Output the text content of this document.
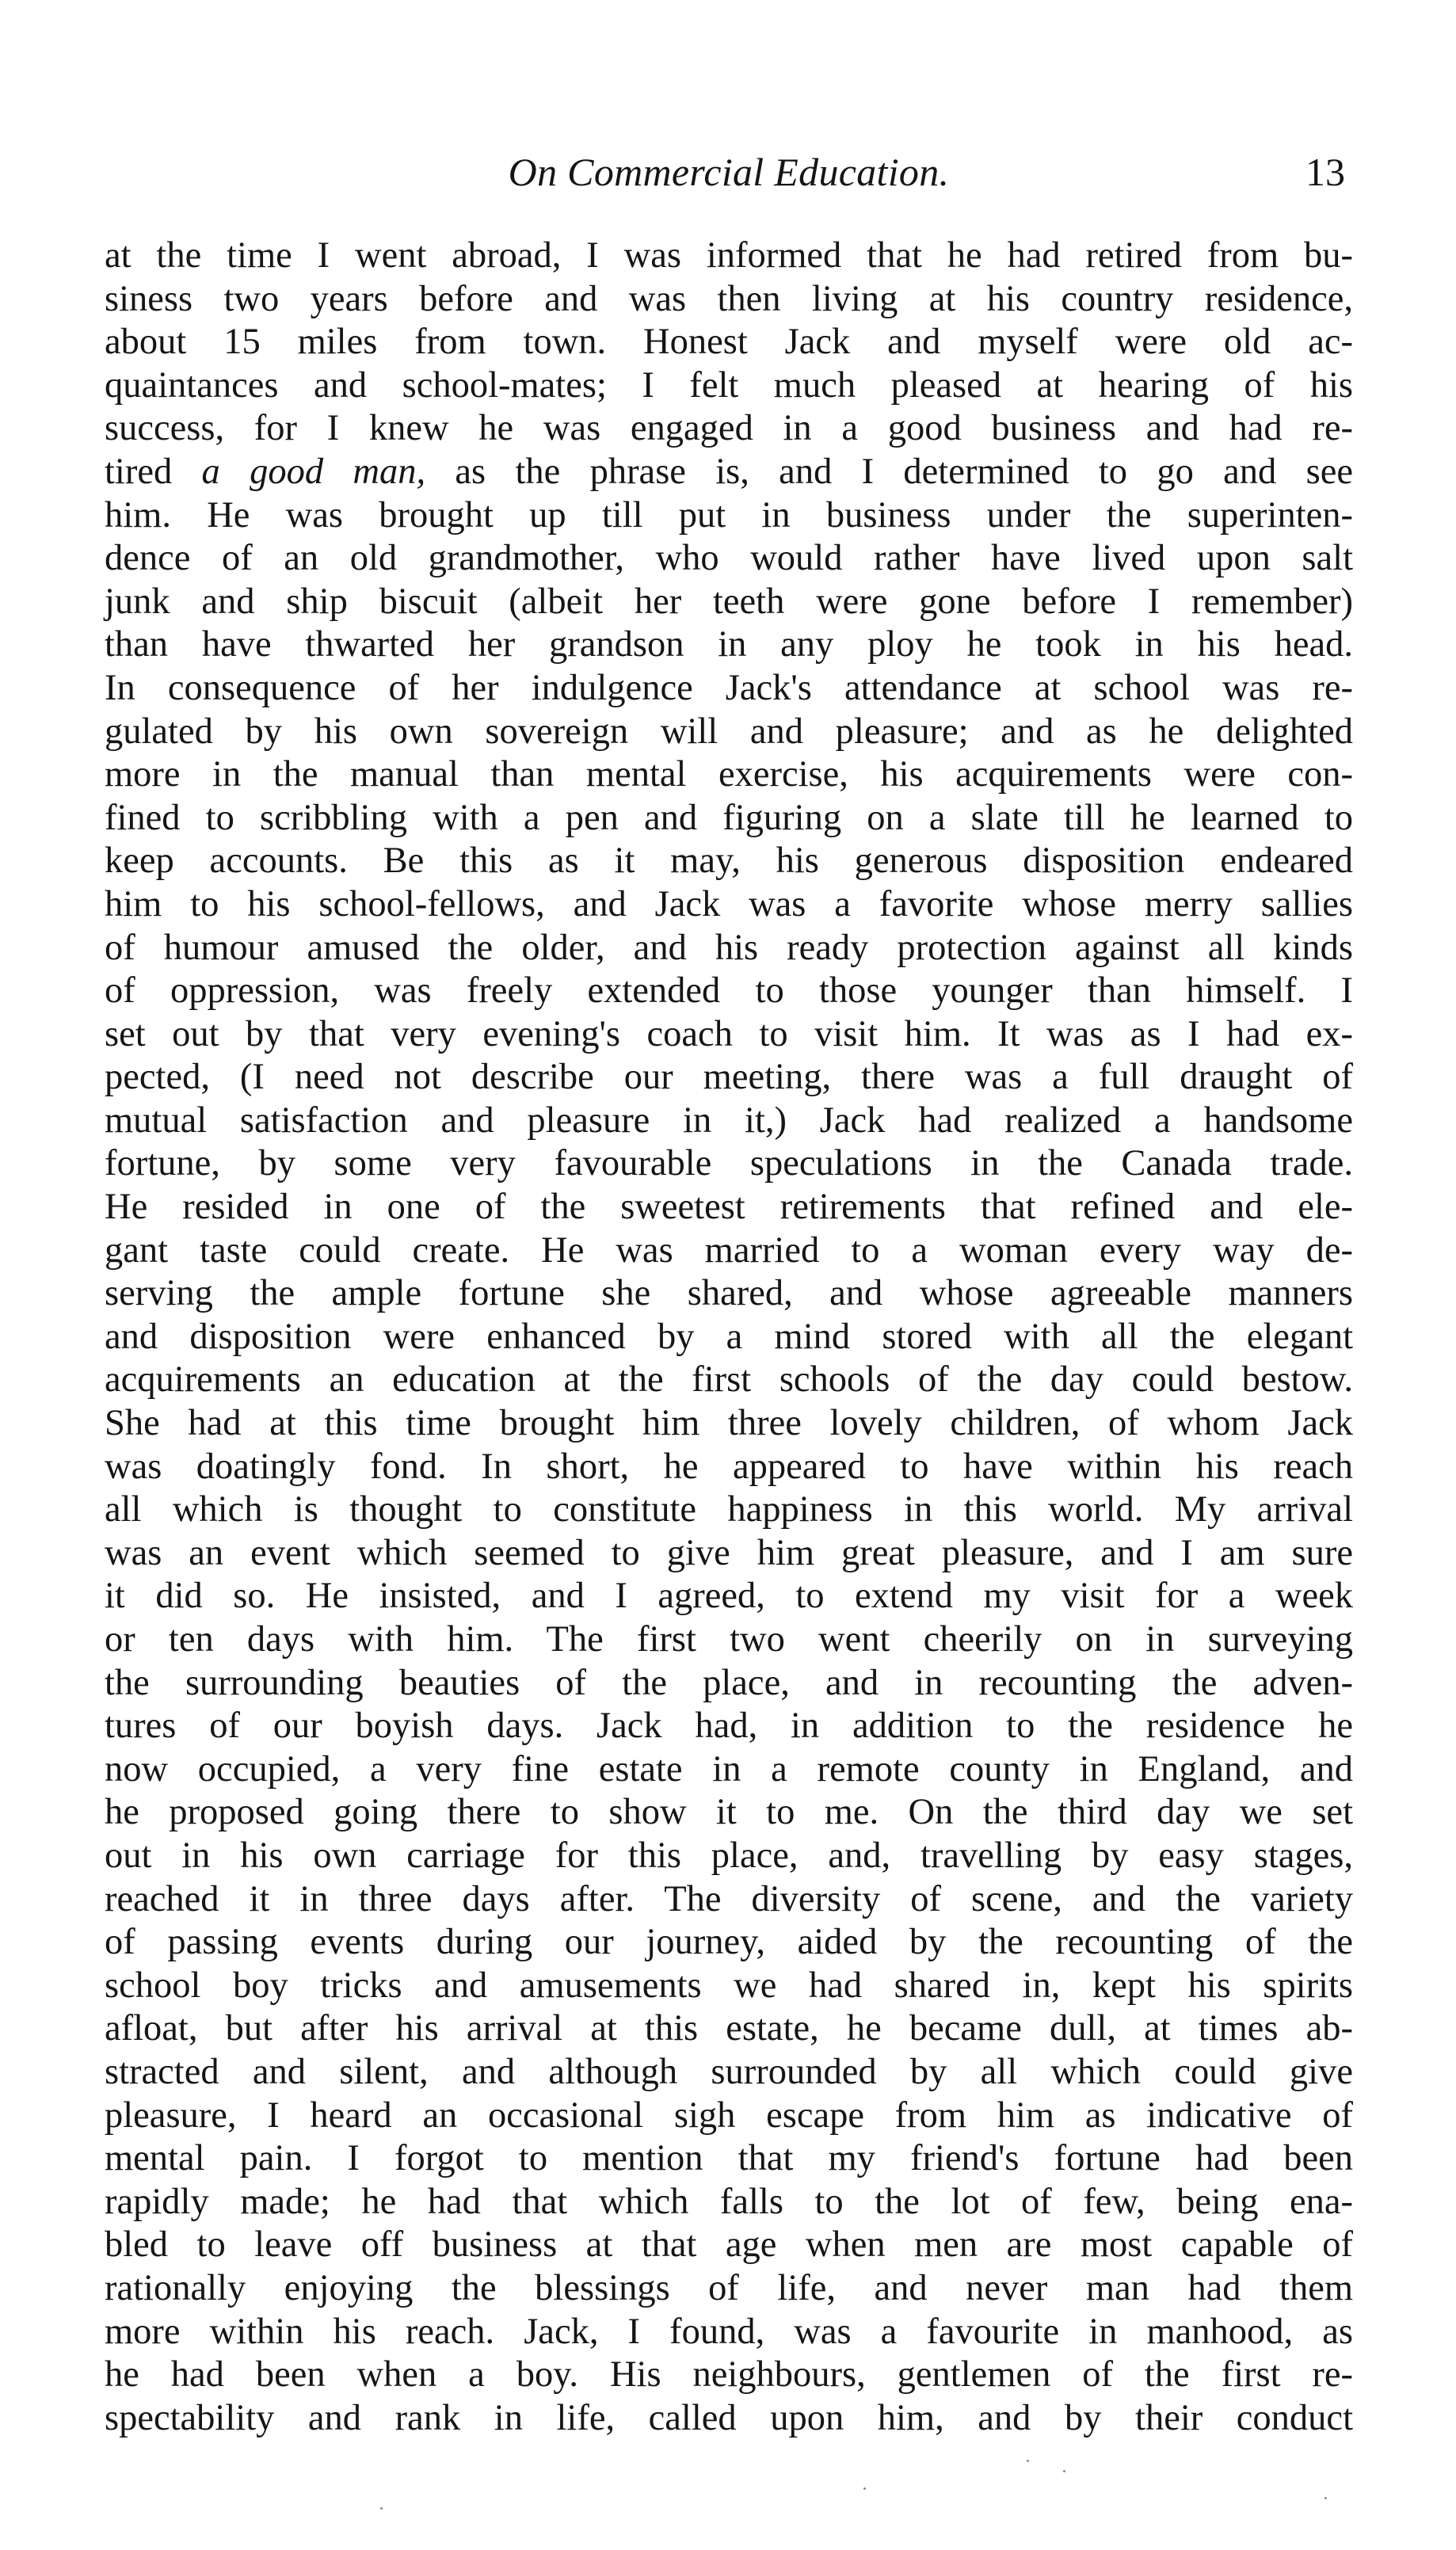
On Commercial Education.	13
at the time I went abroad, I was informed that he had retired from bu-
siness two years before and was then living at his country residence,
about 15 miles from town. Honest Jack and myself were old ac-
quaintances and school-mates; I felt much pleased at hearing of his
success, for I knew he was engaged in a good business and had re-
tired a good man, as the phrase is, and I determined to go and see
him. He was brought up till put in business under the superinten-
dence of an old grandmother, who would rather have lived upon salt
junk and ship biscuit (albeit her teeth were gone before I remember)
than have thwarted her grandson in any ploy he took in his head.
In consequence of her indulgence Jack's attendance at school was re-
gulated by his own sovereign will and pleasure; and as he delighted
more in the manual than mental exercise, his acquirements were con-
fined to scribbling with a pen and figuring on a slate till he learned to
keep accounts. Be this as it may, his generous disposition endeared
him to his school-fellows, and Jack was a favorite whose merry sallies
of humour amused the older, and his ready protection against all kinds
of oppression, was freely extended to those younger than himself. I
set out by that very evening's coach to visit him. It was as I had ex-
pected, (I need not describe our meeting, there was a full draught of
mutual satisfaction and pleasure in it,) Jack had realized a handsome
fortune, by some very favourable speculations in the Canada trade.
He resided in one of the sweetest retirements that refined and ele-
gant taste could create. He was married to a woman every way de-
serving the ample fortune she shared, and whose agreeable manners
and disposition were enhanced by a mind stored with all the elegant
acquirements an education at the first schools of the day could bestow.
She had at this time brought him three lovely children, of whom Jack
was doatingly fond. In short, he appeared to have within his reach
all which is thought to constitute happiness in this world. My arrival
was an event which seemed to give him great pleasure, and I am sure
it did so. He insisted, and I agreed, to extend my visit for a week
or ten days with him. The first two went cheerily on in surveying
the surrounding beauties of the place, and in recounting the adven-
tures of our boyish days. Jack had, in addition to the residence he
now occupied, a very fine estate in a remote county in England, and
he proposed going there to show it to me. On the third day we set
out in his own carriage for this place, and, travelling by easy stages,
reached it in three days after. The diversity of scene, and the variety
of passing events during our journey, aided by the recounting of the
school boy tricks and amusements we had shared in, kept his spirits
afloat, but after his arrival at this estate, he became dull, at times ab-
stracted and silent, and although surrounded by all which could give
pleasure, I heard an occasional sigh escape from him as indicative of
mental pain. I forgot to mention that my friend's fortune had been
rapidly made; he had that which falls to the lot of few, being ena-
bled to leave off business at that age when men are most capable of
rationally enjoying the blessings of life, and never man had them
more within his reach. Jack, I found, was a favourite in manhood, as
he had been when a boy. His neighbours, gentlemen of the first re-
spectability and rank in life, called upon him, and by their conduct
